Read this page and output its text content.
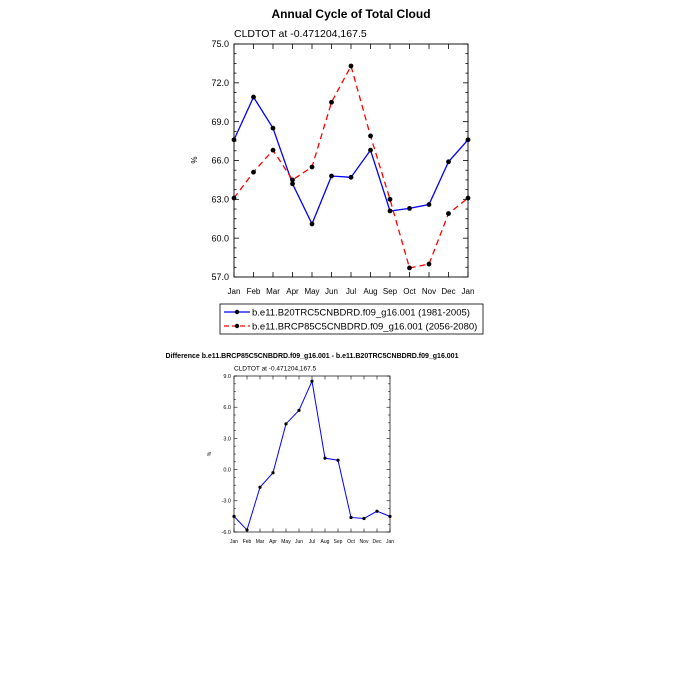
Annual Cycle of Total Cloud
CLDTOT at -0.471204,167.5
%
57.0
60.0
63.0
66.0
69.0
72.0
75.0
Jan Feb Mar Apr May Jun Jul Aug Sep Oct Nov Dec Jan
b.e11.B20TRC5CNBDRD.f09_g16.001 (1981-2005)
b.e11.BRCP85C5CNBDRD.f09_g16.001 (2056-2080)
Difference b.e11.BRCP85C5CNBDRD.f09_g16.001 - b.e11.B20TRC5CNBDRD.f09_g16.001
CLDTOT at -0.471204,167.5
%
-6.0
-3.0
0.0
3.0
6.0
9.0
Jan Feb Mar Apr May Jun Jul Aug Sep Oct Nov Dec Jan
